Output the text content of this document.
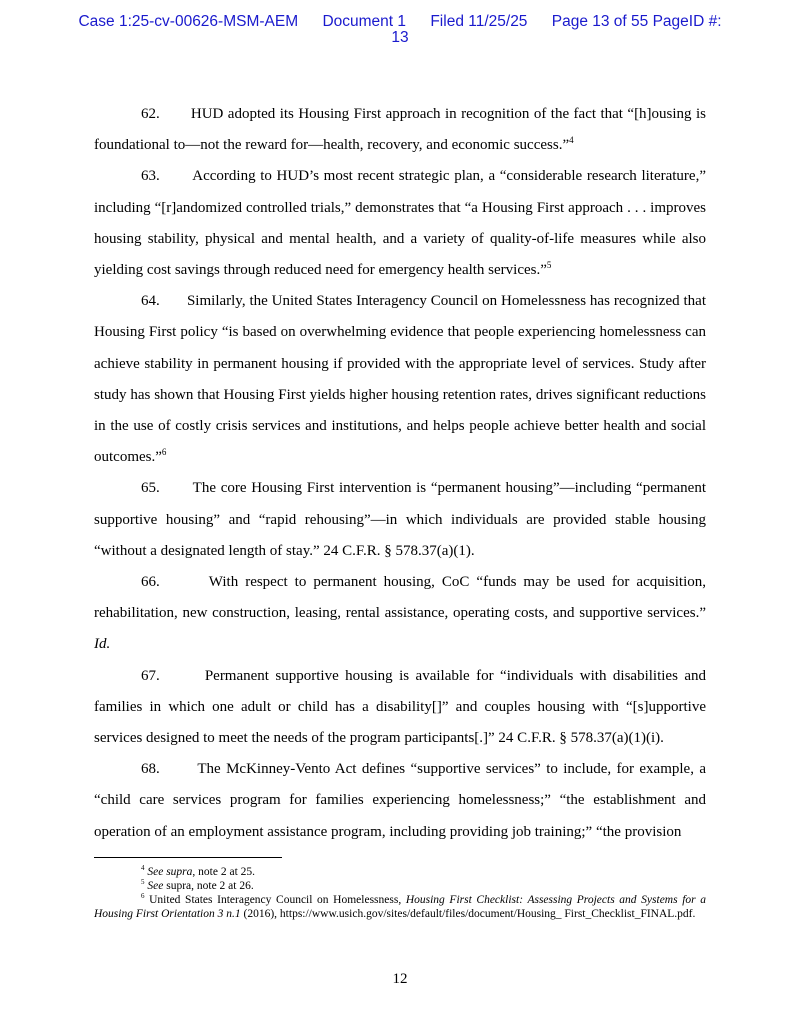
Case 1:25-cv-00626-MSM-AEM Document 1 Filed 11/25/25 Page 13 of 55 PageID #:
13

62. HUD adopted its Housing First approach in recognition of the fact that “[h]ousing is foundational to—not the reward for—health, recovery, and economic success.”$^4$

63. According to HUD’s most recent strategic plan, a “considerable research literature,” including “[r]andomized controlled trials,” demonstrates that “a Housing First approach . . . improves housing stability, physical and mental health, and a variety of quality-of-life measures while also yielding cost savings through reduced need for emergency health services.”$^5$

64. Similarly, the United States Interagency Council on Homelessness has recognized that Housing First policy “is based on overwhelming evidence that people experiencing homelessness can achieve stability in permanent housing if provided with the appropriate level of services. Study after study has shown that Housing First yields higher housing retention rates, drives significant reductions in the use of costly crisis services and institutions, and helps people achieve better health and social outcomes.”$^6$

65. The core Housing First intervention is “permanent housing”—including “permanent supportive housing” and “rapid rehousing”—in which individuals are provided stable housing “without a designated length of stay.” 24 C.F.R. § 578.37(a)(1).

66.	With respect to permanent housing, CoC “funds may be used for acquisition, rehabilitation, new construction, leasing, rental assistance, operating costs, and supportive services.” Id.

67.	Permanent supportive housing is available for “individuals with disabilities and families in which one adult or child has a disability[]” and couples housing with “[s]upportive services designed to meet the needs of the program participants[.]” 24 C.F.R. § 578.37(a)(1)(i).

68.	The McKinney-Vento Act defines “supportive services” to include, for example, a “child care services program for families experiencing homelessness;” “the establishment and operation of an employment assistance program, including providing job training;” “the provision

$^4$ See supra, note 2 at 25.

$^5$ See supra, note 2 at 26.

$^6$ United States Interagency Council on Homelessness, Housing First Checklist: Assessing Projects and Systems for a Housing First Orientation 3 n.1 (2016), https://www.usich.gov/sites/default/files/document/Housing_ First_Checklist_FINAL.pdf.

12
